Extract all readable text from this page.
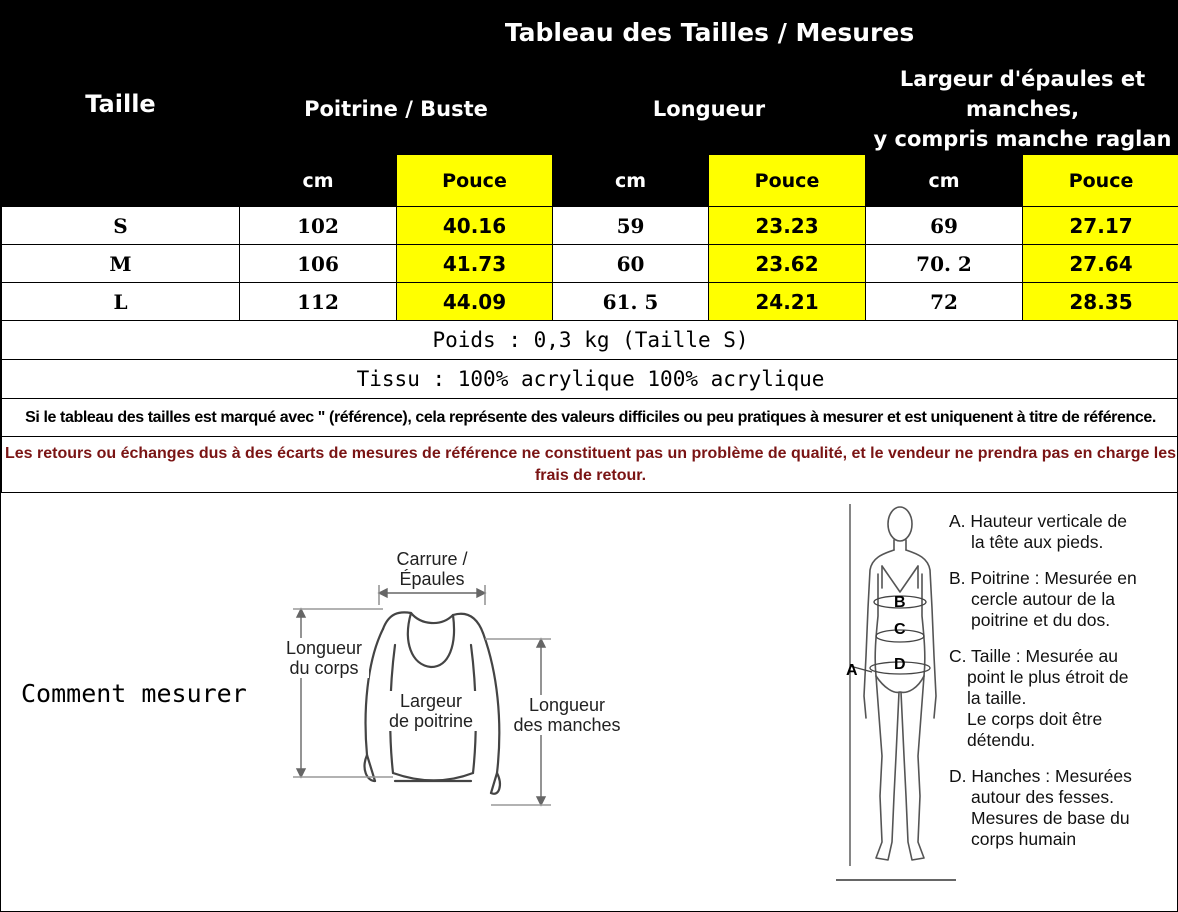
Taille	Tableau des Tailles / Mesures					
	Poitrine / Buste		Longueur		Largeur d'épaules et manches,
y compris manche raglan	
	cm	Pouce	cm	Pouce	cm	Pouce
S	102	40.16	59	23.23	69	27.17
M	106	41.73	60	23.62	70. 2	27.64
L	112	44.09	61. 5	24.21	72	28.35
Poids : 0,3 kg (Taille S)						
Tissu : 100% acrylique 100% acrylique						
Si le tableau des tailles est marqué avec " (référence), cela représente des valeurs difficiles ou peu pratiques à mesurer et est uniquenent à titre de référence.						
Les retours ou échanges dus à des écarts de mesures de référence ne constituent pas un problème de qualité, et le vendeur ne prendra pas en charge les
frais de retour.						
Comment mesurer
Carrure /
Épaules
Longueur
du corps
Largeur
de poitrine
Longueur
des manches
B
C
D
A
A. Hauteur verticale de
la tête aux pieds.
B. Poitrine : Mesurée en
cercle autour de la
poitrine et du dos.
C. Taille : Mesurée au
point le plus étroit de
la taille.
Le corps doit être
détendu.
D. Hanches : Mesurées
autour des fesses.
Mesures de base du
corps humain
